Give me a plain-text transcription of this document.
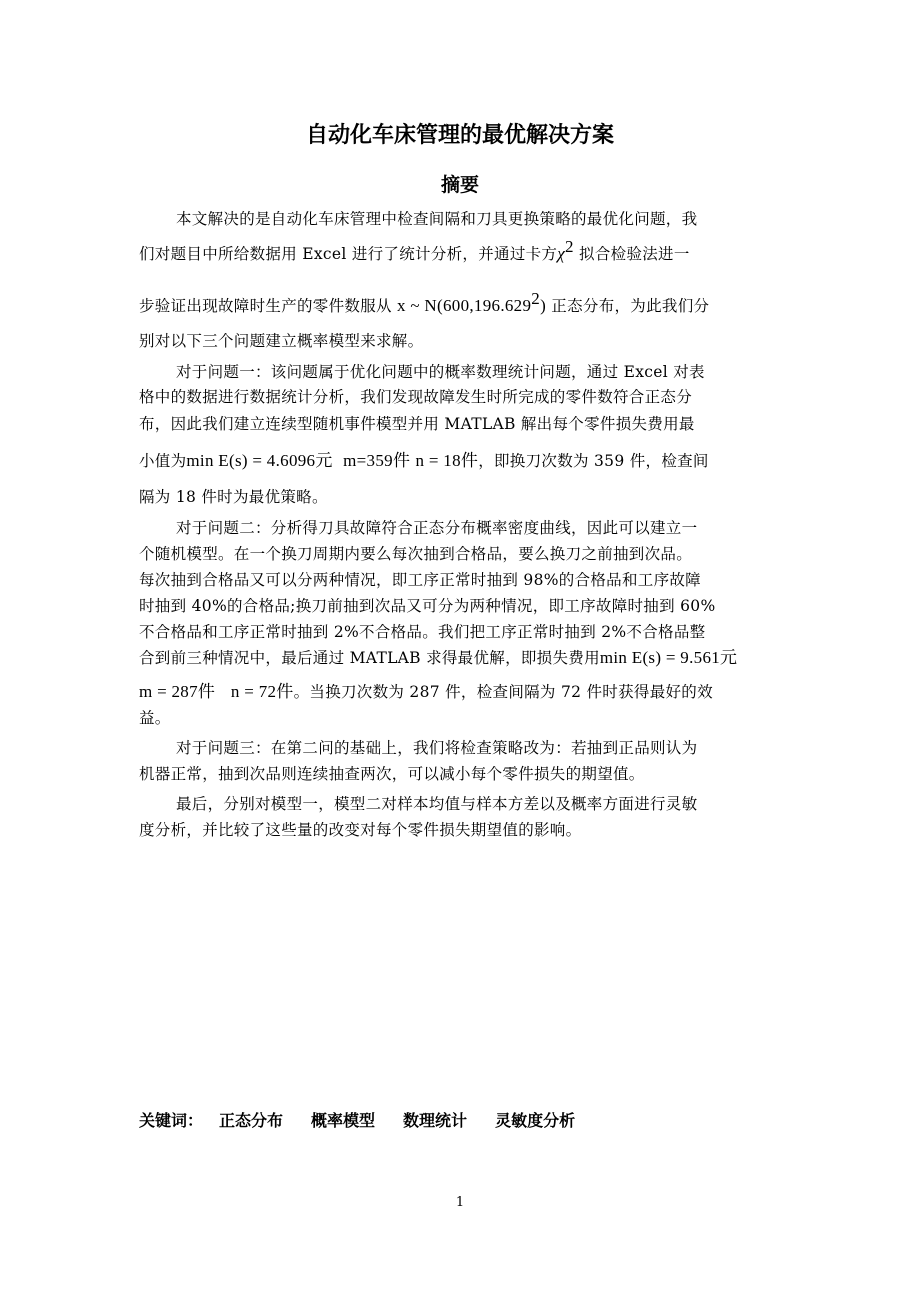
自动化车床管理的最优解决方案
摘要
本文解决的是自动化车床管理中检查间隔和刀具更换策略的最优化问题，我
们对题目中所给数据用 Excel 进行了统计分析，并通过卡方$\chi^2$ 拟合检验法进一
步验证出现故障时生产的零件数服从 x ~ N(600,196.629$^2$) 正态分布，为此我们分
别对以下三个问题建立概率模型来求解。
对于问题一：该问题属于优化问题中的概率数理统计问题，通过 Excel 对表
格中的数据进行数据统计分析，我们发现故障发生时所完成的零件数符合正态分
布，因此我们建立连续型随机事件模型并用 MATLAB 解出每个零件损失费用最
小值为min E(s) = 4.6096元 m=359件 n = 18件，即换刀次数为 359 件，检查间
隔为 18 件时为最优策略。
对于问题二：分析得刀具故障符合正态分布概率密度曲线，因此可以建立一
个随机模型。在一个换刀周期内要么每次抽到合格品，要么换刀之前抽到次品。
每次抽到合格品又可以分两种情况，即工序正常时抽到 98%的合格品和工序故障
时抽到 40%的合格品;换刀前抽到次品又可分为两种情况，即工序故障时抽到 60%
不合格品和工序正常时抽到 2%不合格品。我们把工序正常时抽到 2%不合格品整
合到前三种情况中，最后通过 MATLAB 求得最优解，即损失费用min E(s) = 9.561元
m = 287件 n = 72件。当换刀次数为 287 件，检查间隔为 72 件时获得最好的效
益。
对于问题三：在第二问的基础上，我们将检查策略改为：若抽到正品则认为
机器正常，抽到次品则连续抽查两次，可以减小每个零件损失的期望值。
最后，分别对模型一，模型二对样本均值与样本方差以及概率方面进行灵敏
度分析，并比较了这些量的改变对每个零件损失期望值的影响。
关键词： 正态分布 概率模型 数理统计 灵敏度分析
1
